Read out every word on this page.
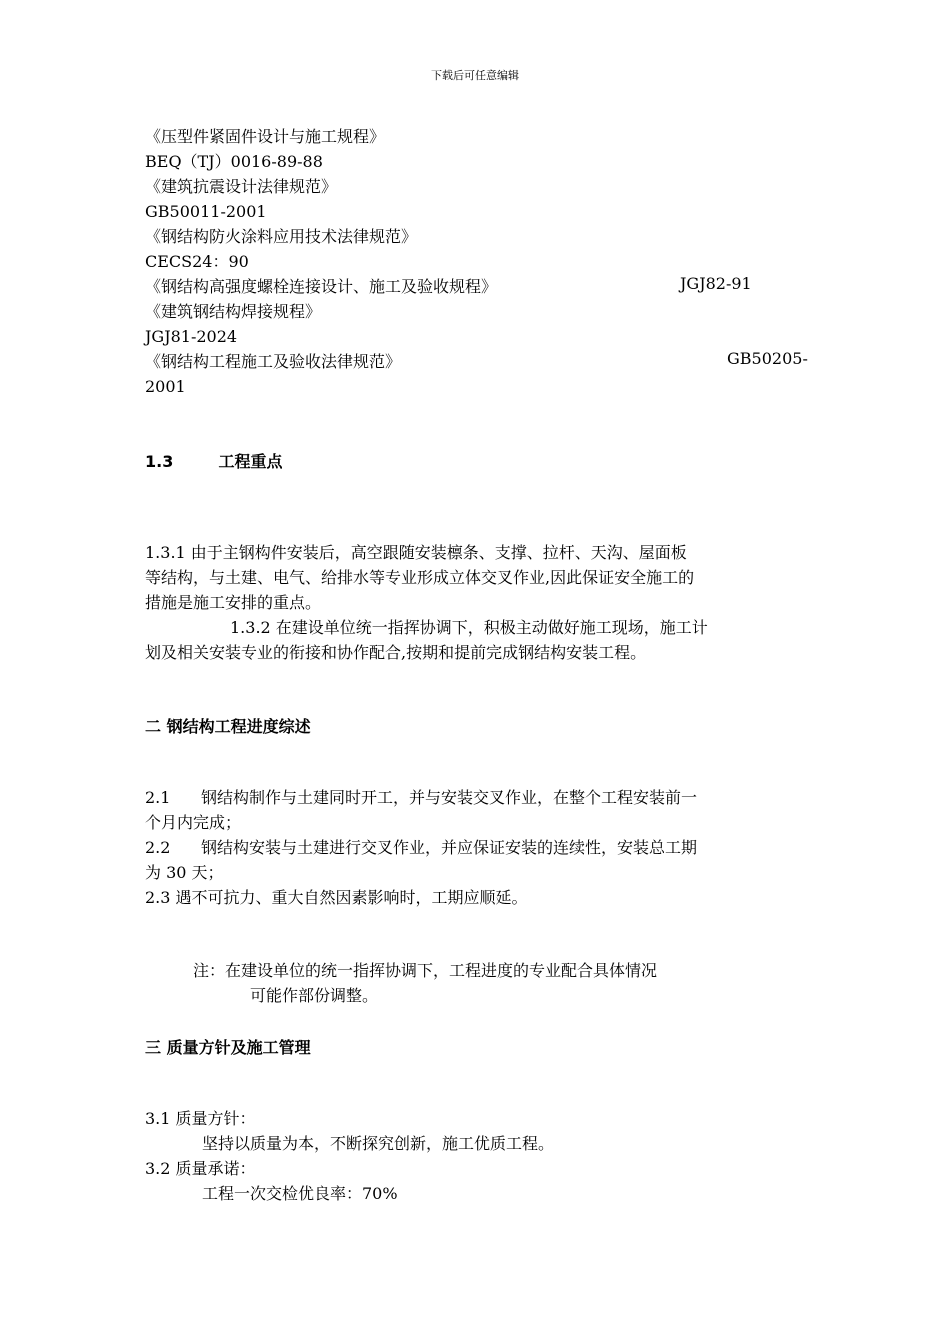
下载后可任意编辑
《压型件紧固件设计与施工规程》
BEQ（TJ）0016-89-88
《建筑抗震设计法律规范》
GB50011-2001
《钢结构防火涂料应用技术法律规范》
CECS24：90
《钢结构高强度螺栓连接设计、施工及验收规程》	JGJ82-91
《建筑钢结构焊接规程》
JGJ81-2024
《钢结构工程施工及验收法律规范》	GB50205-
2001
1.3	工程重点
1.3.1 由于主钢构件安装后，高空跟随安装檩条、支撑、拉杆、天沟、屋面板
等结构，与土建、电气、给排水等专业形成立体交叉作业,因此保证安全施工的
措施是施工安排的重点。
1.3.2 在建设单位统一指挥协调下，积极主动做好施工现场，施工计
划及相关安装专业的衔接和协作配合,按期和提前完成钢结构安装工程。
二 钢结构工程进度综述
2.1      钢结构制作与土建同时开工，并与安装交叉作业，在整个工程安装前一
个月内完成；
2.2      钢结构安装与土建进行交叉作业，并应保证安装的连续性，安装总工期
为 30 天；
2.3 遇不可抗力、重大自然因素影响时，工期应顺延。
注：在建设单位的统一指挥协调下，工程进度的专业配合具体情况
可能作部份调整。
三 质量方针及施工管理
3.1 质量方针：
坚持以质量为本，不断探究创新，施工优质工程。
3.2 质量承诺：
工程一次交检优良率：70%
